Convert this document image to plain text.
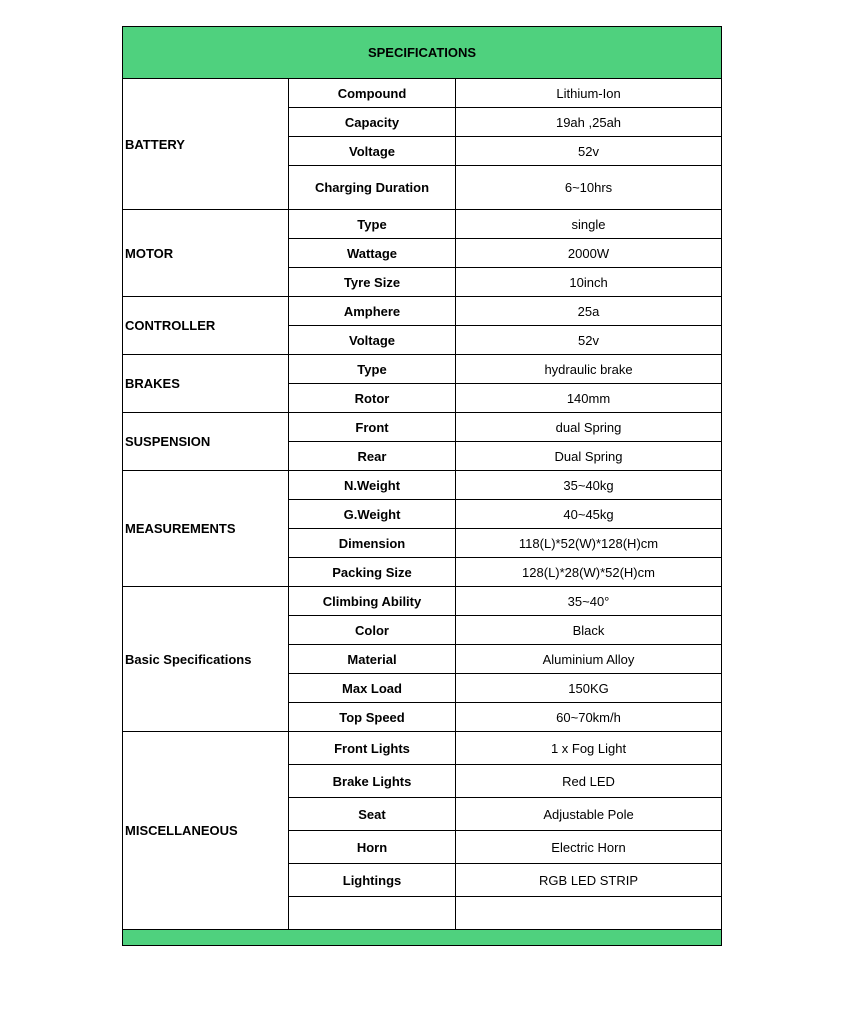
SPECIFICATIONS		
BATTERY	Compound	Lithium-Ion
	Capacity	19ah ,25ah
	Voltage	52v
	Charging Duration	6~10hrs
MOTOR	Type	single
	Wattage	2000W
	Tyre Size	10inch
CONTROLLER	Amphere	25a
	Voltage	52v
BRAKES	Type	hydraulic brake
	Rotor	140mm
SUSPENSION	Front	dual Spring
	Rear	Dual Spring
MEASUREMENTS	N.Weight	35~40kg
	G.Weight	40~45kg
	Dimension	118(L)*52(W)*128(H)cm
	Packing Size	128(L)*28(W)*52(H)cm
Basic Specifications	Climbing Ability	35~40°
	Color	Black
	Material	Aluminium Alloy
	Max Load	150KG
	Top Speed	60~70km/h
MISCELLANEOUS	Front Lights	1 x Fog Light
	Brake Lights	Red LED
	Seat	Adjustable Pole
	Horn	Electric Horn
	Lightings	RGB LED STRIP
